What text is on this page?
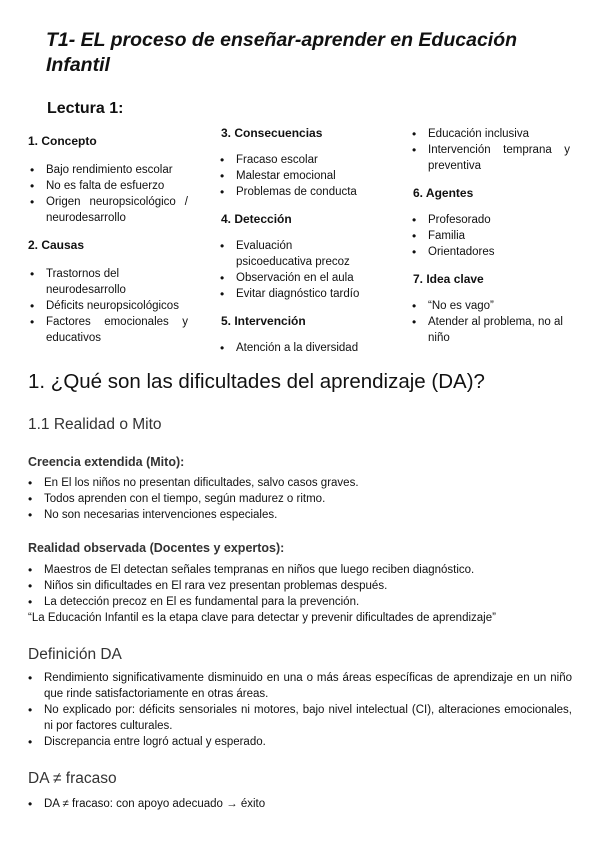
T1- EL proceso de enseñar-aprender en Educación Infantil
Lectura 1:
1. Concepto
• Bajo rendimiento escolar
• No es falta de esfuerzo
• Origen neuropsicológico / neurodesarrollo
2. Causas
• Trastornos del neurodesarrollo
• Déficits neuropsicológicos
• Factores emocionales y educativos
3. Consecuencias
• Fracaso escolar
• Malestar emocional
• Problemas de conducta
4. Detección
• Evaluación psicoeducativa precoz
• Observación en el aula
• Evitar diagnóstico tardío
5. Intervención
• Atención a la diversidad
• Educación inclusiva
• Intervención temprana y preventiva
6. Agentes
• Profesorado
• Familia
• Orientadores
7. Idea clave
• “No es vago”
• Atender al problema, no al niño
1. ¿Qué son las dificultades del aprendizaje (DA)?
1.1 Realidad o Mito
Creencia extendida (Mito):
• En El los niños no presentan dificultades, salvo casos graves.
• Todos aprenden con el tiempo, según madurez o ritmo.
• No son necesarias intervenciones especiales.
Realidad observada (Docentes y expertos):
• Maestros de El detectan señales tempranas en niños que luego reciben diagnóstico.
• Niños sin dificultades en El rara vez presentan problemas después.
• La detección precoz en El es fundamental para la prevención.

“La Educación Infantil es la etapa clave para detectar y prevenir dificultades de aprendizaje”

Definición DA
• Rendimiento significativamente disminuido en una o más áreas específicas de aprendizaje en un niño que rinde satisfactoriamente en otras áreas.
• No explicado por: déficits sensoriales ni motores, bajo nivel intelectual (CI), alteraciones emocionales, ni por factores culturales.
• Discrepancia entre logró actual y esperado.
DA ≠ fracaso
• DA ≠ fracaso: con apoyo adecuado → éxito
